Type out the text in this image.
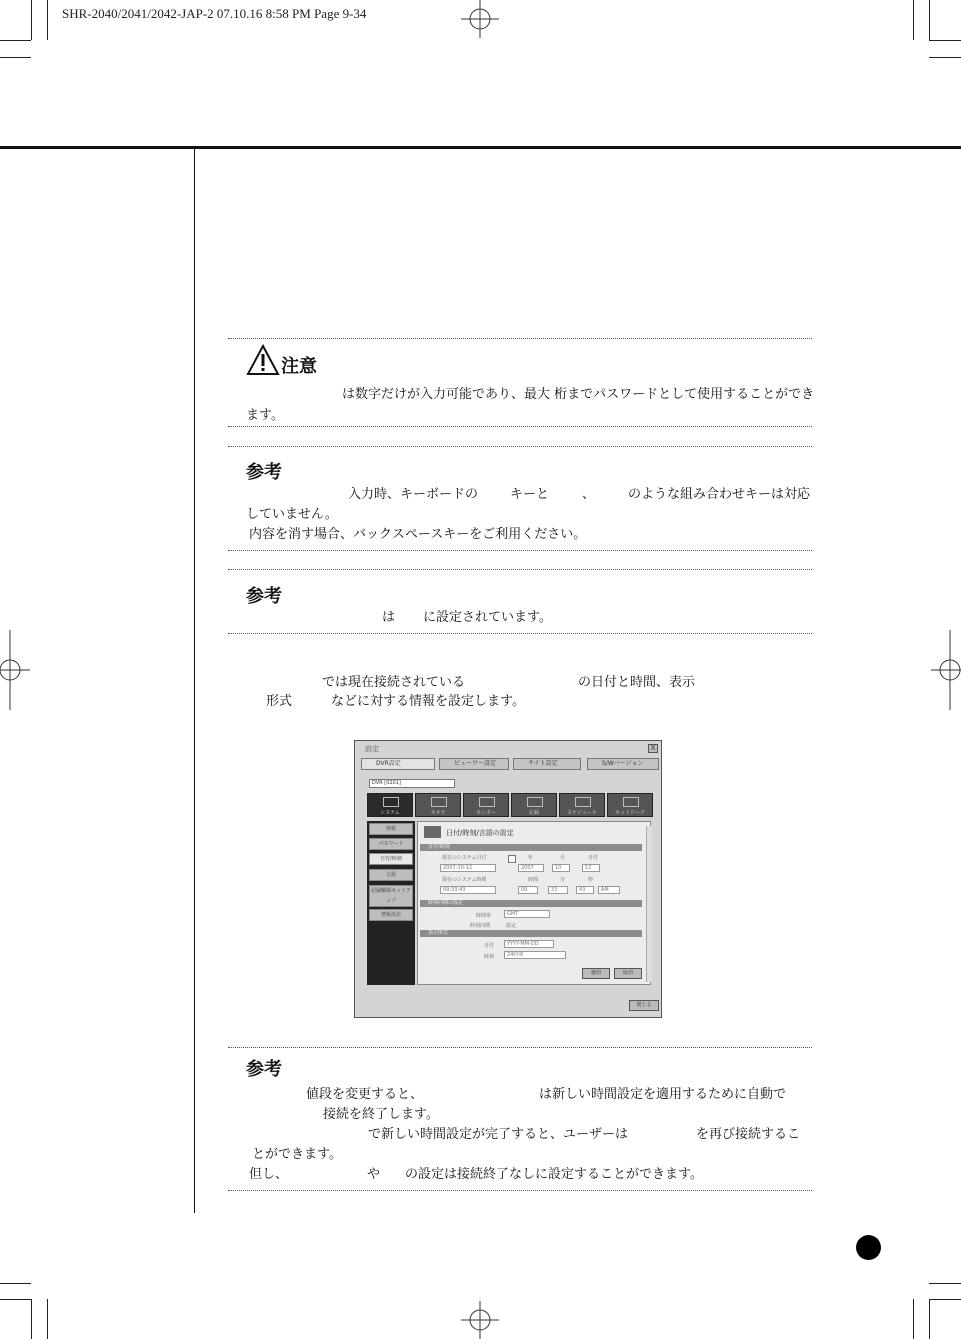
SHR-2040/2041/2042-JAP-2 07.10.16 8:58 PM Page 9-34
注意
は数字だけが入力可能であり、最大 桁までパスワードとして使用することができ
ます。
参考
入力時、キーボードの キーと	、	のような組み合わせキーは対応
していません。
内容を消す場合、バックスペースキーをご利用ください。
参考
は に設定されています。
では現在接続されている	の日付と時間、表示
形式	などに対する情報を設定します。
設定	X
DVR設定	ビューワー設定	サイト設定	S/Wバージョン
DVR [0201]
システム	カメラ	モニター	記録	スケジュール	ネットワーク
情報
パスワード
日付/時刻
言語
記録解除セットアップ
情報消去
日付/時刻/言語の設定
日付/時刻
現在のシステム日付	年	月	日付
2007-10-12	2007	10	12
現在のシステム時間	時間	分	秒
09:33:43	09	33	43	AM
時刻同期の設定
時間帯	GMT
時刻同期	設定
表示形式
日付	YYYY-MM-DD
時刻	24時間
適用	取消
閉じる
参考
値段を変更すると、	は新しい時間設定を適用するために自動で
接続を終了します。
で新しい時間設定が完了すると、ユーザーは	を再び接続するこ
とができます。
但し、	や の設定は接続終了なしに設定することができます。
